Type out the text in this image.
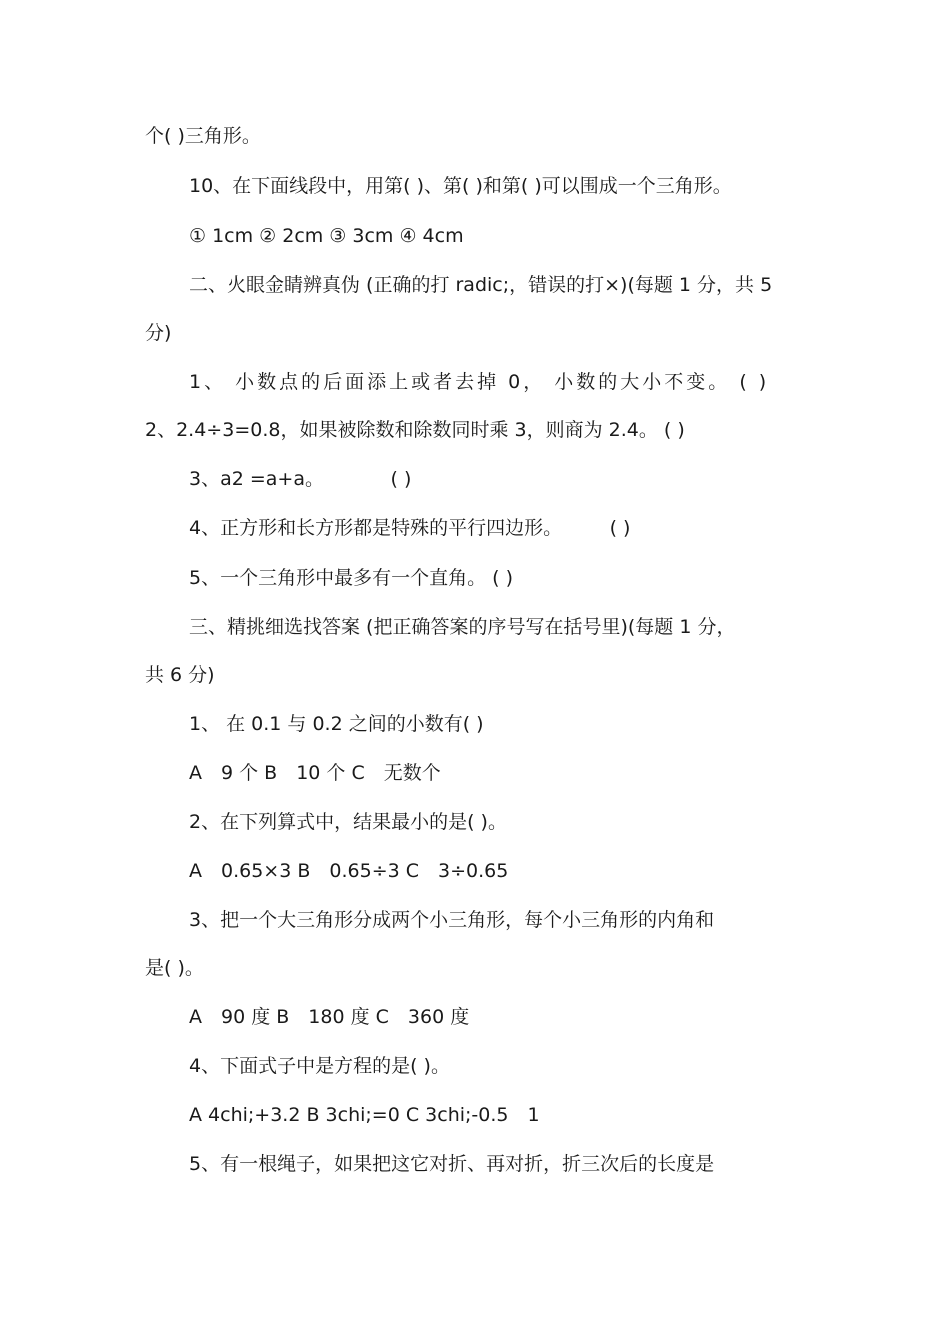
个( )三角形。
10、在下面线段中，用第( )、第( )和第( )可以围成一个三角形。
① 1cm ② 2cm ③ 3cm ④ 4cm
二、火眼金睛辨真伪 (正确的打 radic;，错误的打×)(每题 1 分，共 5
分)
1、 小数点的后面添上或者去掉 0， 小数的大小不变。 ( )
2、2.4÷3=0.8，如果被除数和除数同时乘 3，则商为 2.4。 ( )
3、a2 =a+a。　　　　( )
4、正方形和长方形都是特殊的平行四边形。　　　( )
5、一个三角形中最多有一个直角。 ( )
三、精挑细选找答案 (把正确答案的序号写在括号里)(每题 1 分，
共 6 分)
1、 在 0.1 与 0.2 之间的小数有( )
A　9 个 B　10 个 C　无数个
2、在下列算式中，结果最小的是( )。
A　0.65×3 B　0.65÷3 C　3÷0.65
3、把一个大三角形分成两个小三角形，每个小三角形的内角和
是( )。
A　90 度 B　180 度 C　360 度
4、下面式子中是方程的是( )。
A 4chi;+3.2 B 3chi;=0 C 3chi;-0.5　1
5、有一根绳子，如果把这它对折、再对折，折三次后的长度是
